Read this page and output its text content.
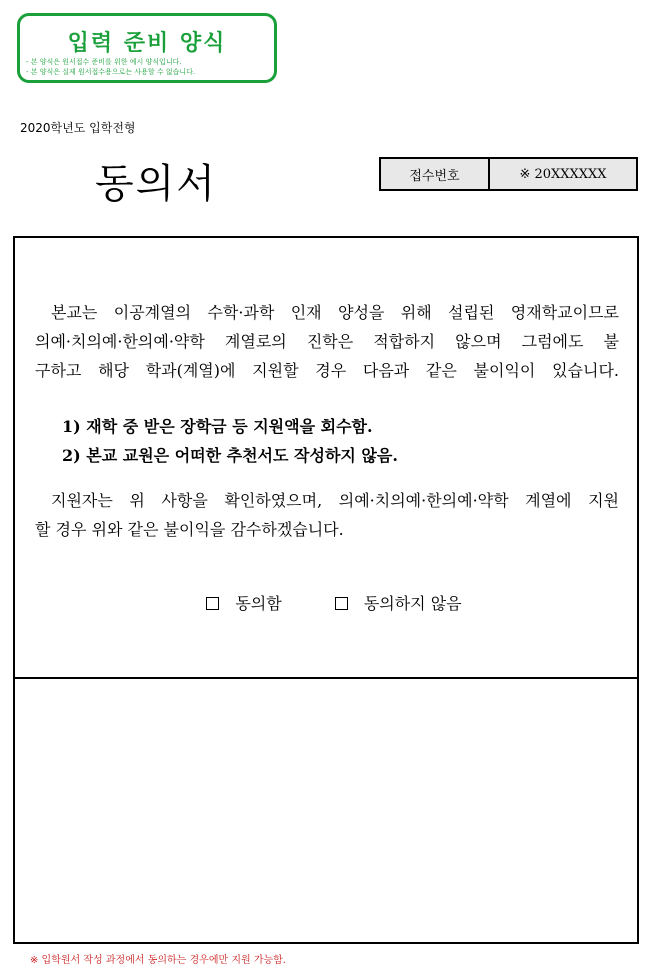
입력 준비 양식
- 본 양식은 원서접수 준비를 위한 예시 양식입니다.
- 본 양식은 실제 원서접수용으로는 사용할 수 없습니다.
2020학년도 입학전형
동의서	접수번호	※ 20XXXXXX
본교는 이공계열의 수학·과학 인재 양성을 위해 설립된 영재학교이므로
의예·치의예·한의예·약학 계열로의 진학은 적합하지 않으며 그럼에도 불
구하고 해당 학과(계열)에 지원할 경우 다음과 같은 불이익이 있습니다.
1) 재학 중 받은 장학금 등 지원액을 회수함.
2) 본교 교원은 어떠한 추천서도 작성하지 않음.
지원자는 위 사항을 확인하였으며, 의예·치의예·한의예·약학 계열에 지원
할 경우 위와 같은 불이익을 감수하겠습니다.
동의함	동의하지 않음
※ 입학원서 작성 과정에서 동의하는 경우에만 지원 가능함.
